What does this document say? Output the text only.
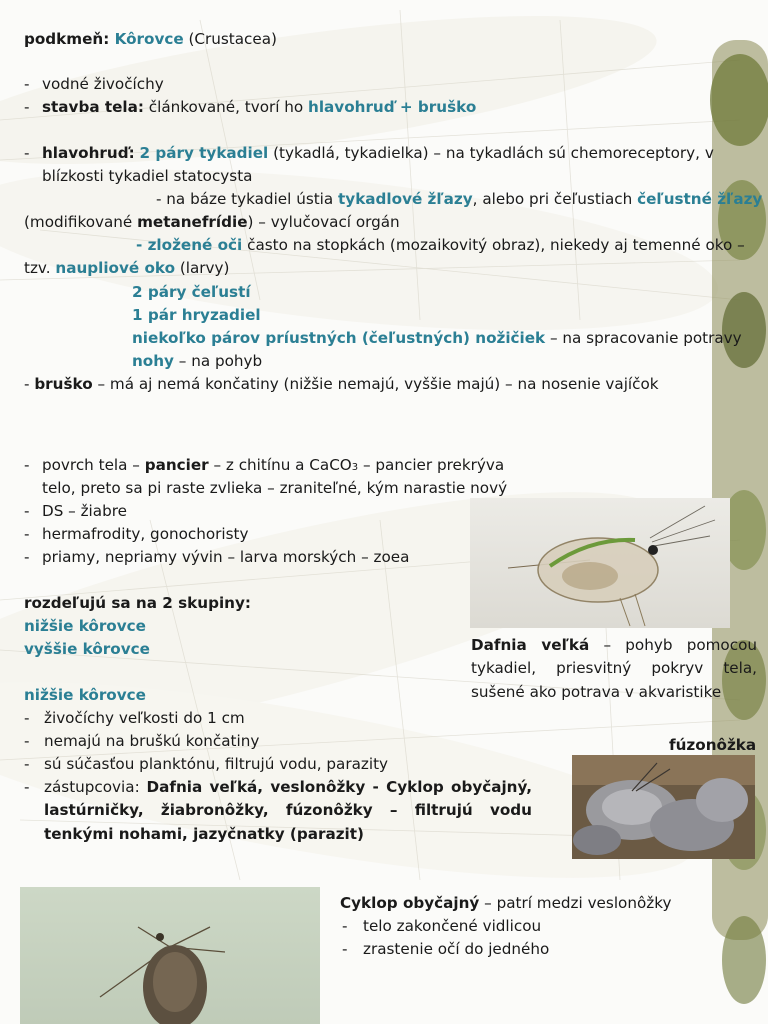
podkmeň: Kôrovce (Crustacea)
- vodné živočíchy
- stavba tela: článkované, tvorí ho hlavohruď + bruško
- hlavohruď: 2 páry tykadiel (tykadlá, tykadielka) – na tykadlách sú chemoreceptory, v
blízkosti tykadiel statocysta
- na báze tykadiel ústia tykadlové žľazy, alebo pri čeľustiach čeľustné žľazy
(modifikované metanefrídie) – vylučovací orgán
- zložené oči často na stopkách (mozaikovitý obraz), niekedy aj temenné oko –
tzv. naupliové oko (larvy)
2 páry čeľustí
1 pár hryzadiel
niekoľko párov príustných (čeľustných) nožičiek – na spracovanie potravy
nohy – na pohyb
- bruško – má aj nemá končatiny (nižšie nemajú, vyššie majú) – na nosenie vajíčok
- povrch tela – pancier – z chitínu a CaCO3 – pancier prekrýva
telo, preto sa pi raste zvlieka – zraniteľné, kým narastie nový
- DS – žiabre
- hermafrodity, gonochoristy
- priamy, nepriamy vývin – larva morských – zoea
rozdeľujú sa na 2 skupiny:
nižšie kôrovce
vyššie kôrovce
nižšie kôrovce
- živočíchy veľkosti do 1 cm
- nemajú na bruškú končatiny
- sú súčasťou planktónu, filtrujú vodu, parazity
- zástupcovia: Dafnia veľká, veslonôžky - Cyklop obyčajný, lastúrničky, žiabronôžky, fúzonôžky – filtrujú vodu tenkými nohami, jazyčnatky (parazit)
Dafnia veľká – pohyb pomocou tykadiel, priesvitný pokryv tela, sušené ako potrava v akvaristike
fúzonôžka
Cyklop obyčajný – patrí medzi veslonôžky
- telo zakončené vidlicou
- zrastenie očí do jedného
